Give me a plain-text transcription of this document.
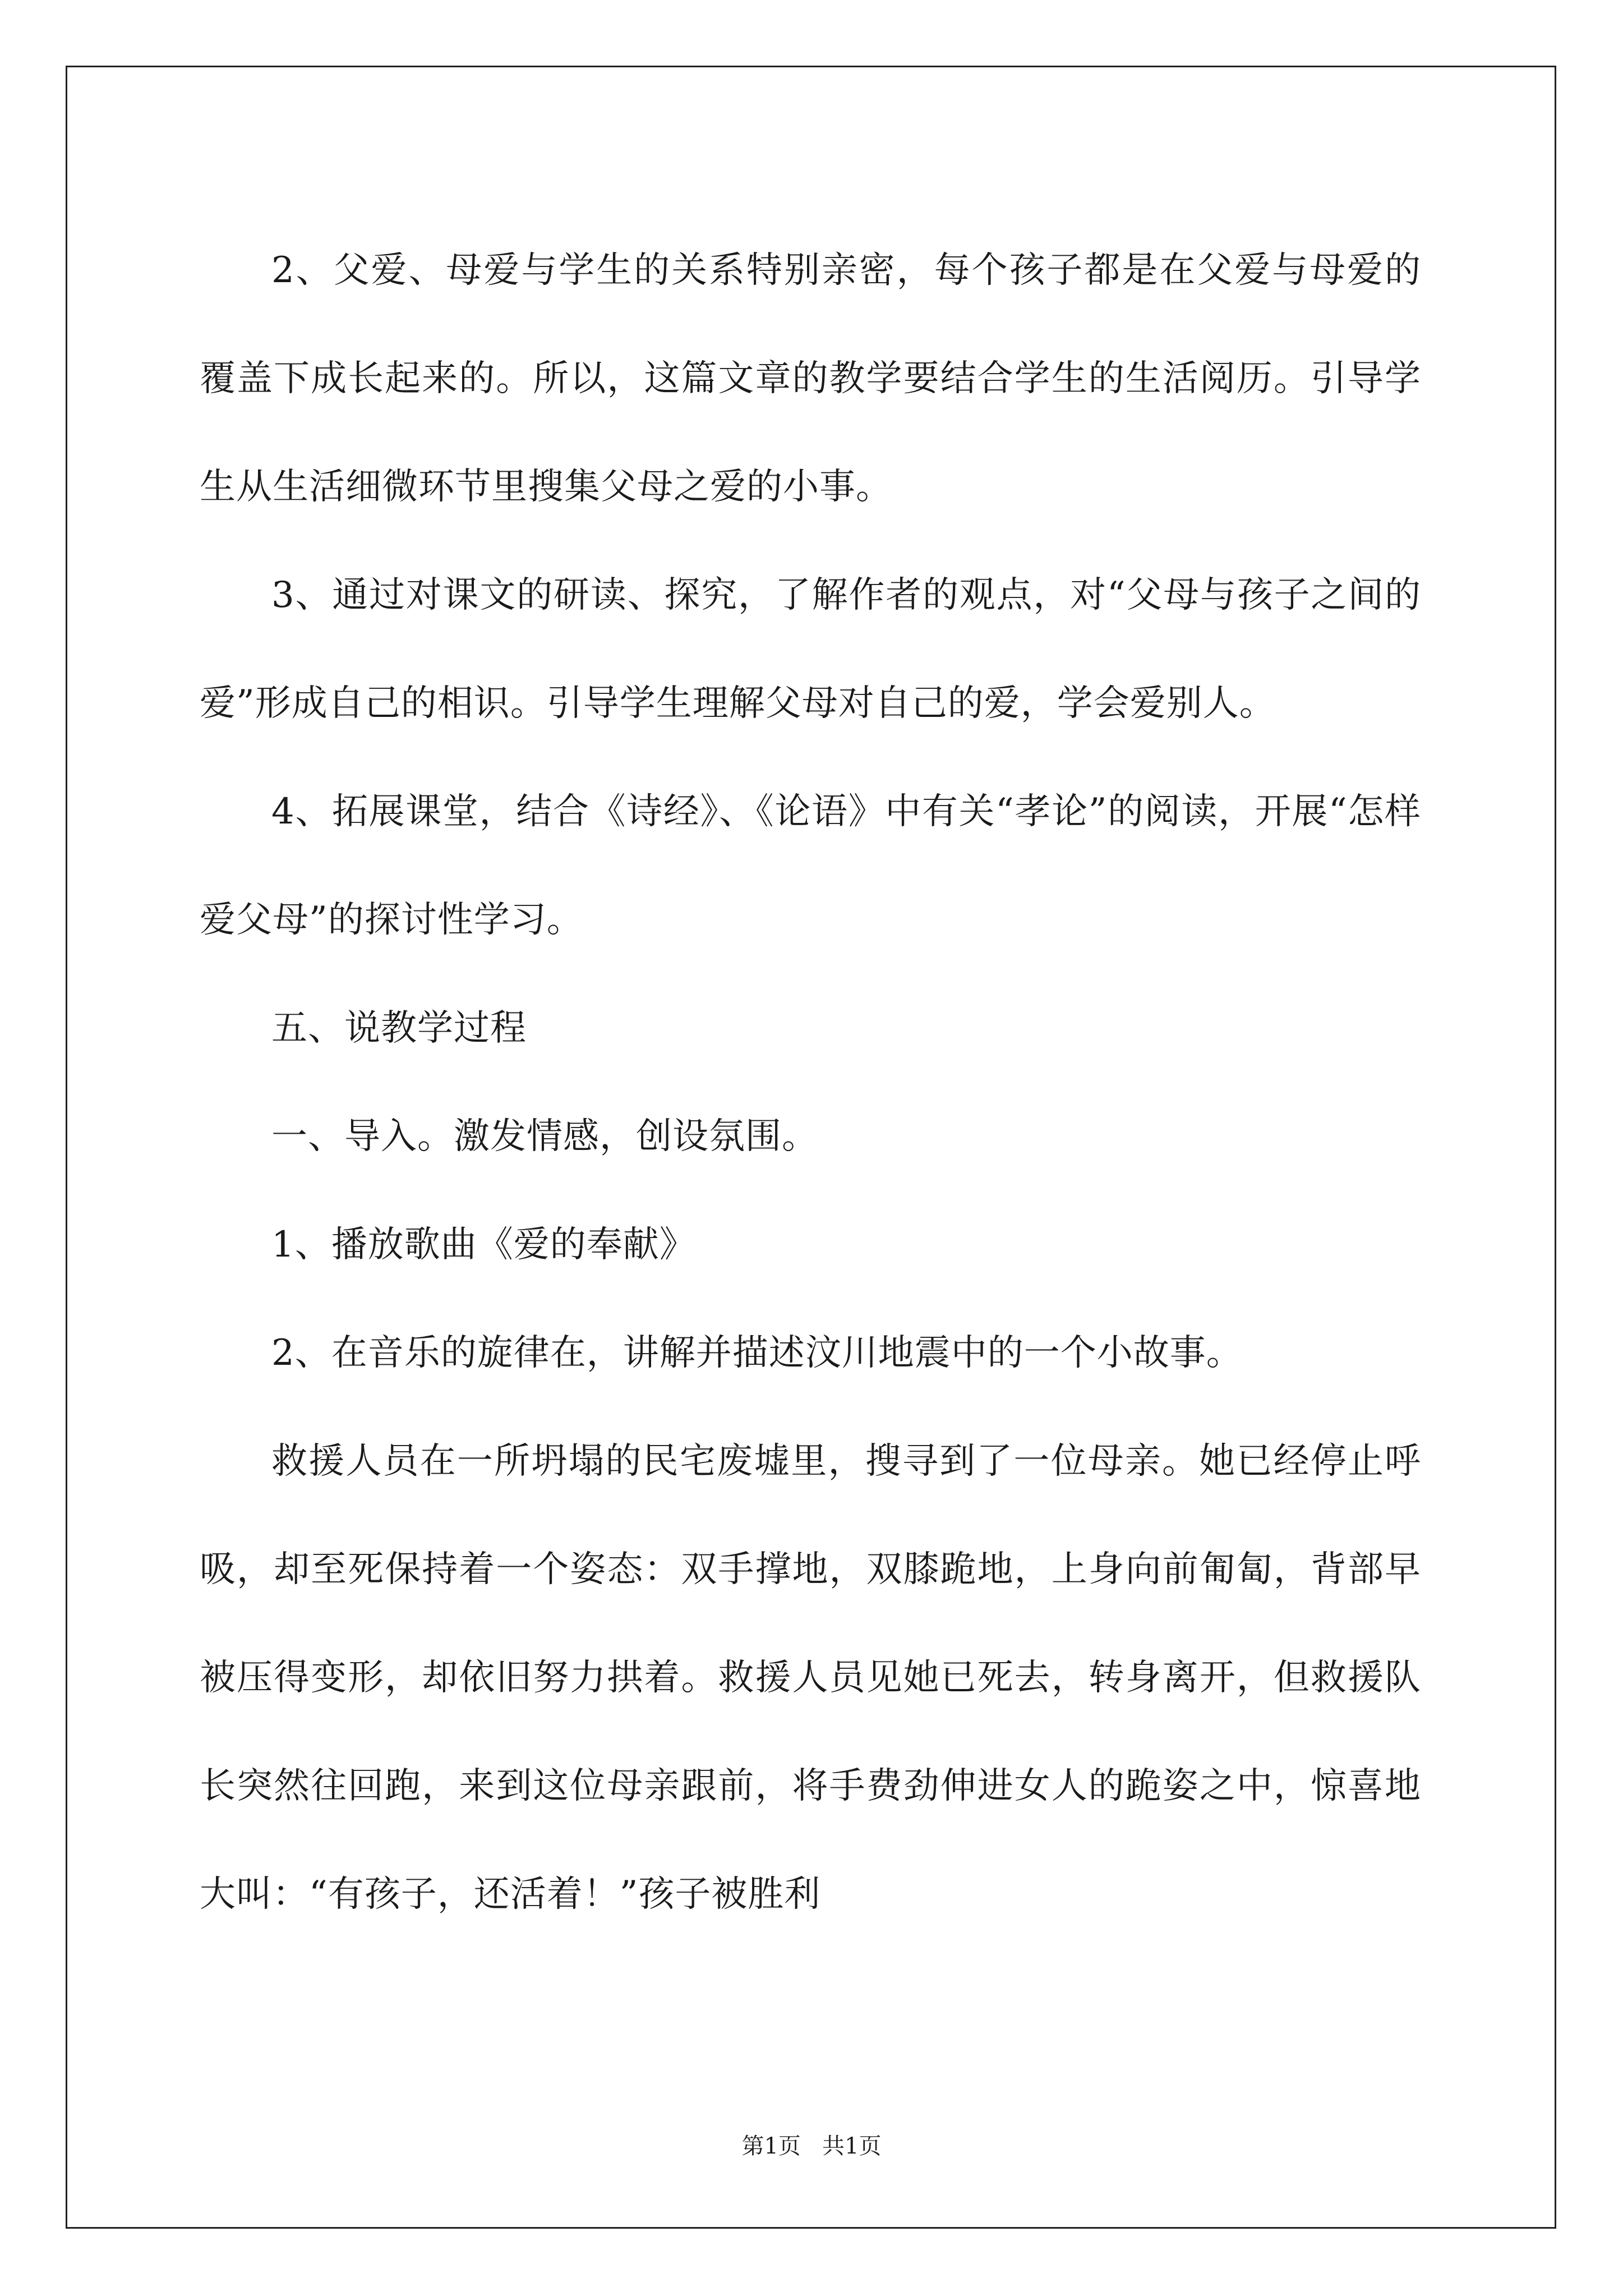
2、父爱、母爱与学生的关系特别亲密，每个孩子都是在父爱与母爱的覆盖下成长起来的。所以，这篇文章的教学要结合学生的生活阅历。引导学生从生活细微环节里搜集父母之爱的小事。

3、通过对课文的研读、探究，了解作者的观点，对“父母与孩子之间的爱”形成自己的相识。引导学生理解父母对自己的爱，学会爱别人。

4、拓展课堂，结合《诗经》、《论语》中有关“孝论”的阅读，开展“怎样爱父母”的探讨性学习。

五、说教学过程

一、导入。激发情感，创设氛围。

1、播放歌曲《爱的奉献》

2、在音乐的旋律在，讲解并描述汶川地震中的一个小故事。

救援人员在一所坍塌的民宅废墟里，搜寻到了一位母亲。她已经停止呼吸，却至死保持着一个姿态：双手撑地，双膝跪地，上身向前匍匐，背部早被压得变形，却依旧努力拱着。救援人员见她已死去，转身离开，但救援队长突然往回跑，来到这位母亲跟前，将手费劲伸进女人的跪姿之中，惊喜地大叫：“有孩子，还活着！”孩子被胜利

第1页   共1页
